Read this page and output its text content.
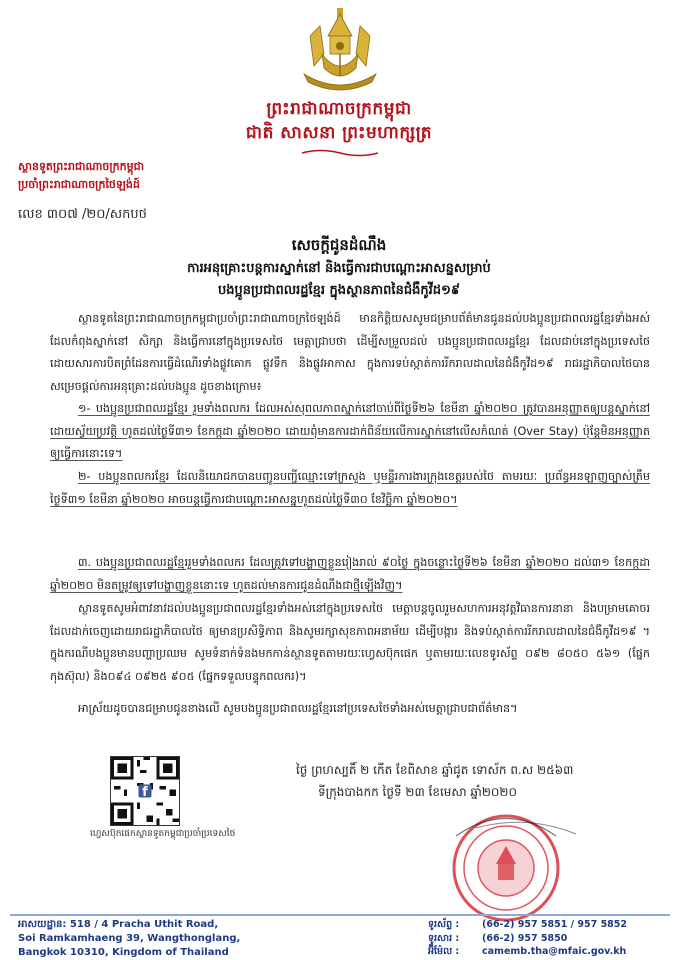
ព្រះរាជាណាចក្រកម្ពុជា
ជាតិ សាសនា ព្រះមហាក្សត្រ
ស្ថានទូតព្រះរាជាណាចក្រកម្ពុជា
ប្រចាំព្រះរាជាណាចក្រថៃឡង់ដ៍
លេខ ៣០៧ /២០/សកបថ
សេចក្តីជូនដំណឹង
ការអនុគ្រោះបន្តការស្នាក់នៅ និងធ្វើការជាបណ្តោះអាសន្នសម្រាប់
បងប្អូនប្រជាពលរដ្ឋខ្មែរ ក្នុងស្ថានភាពនៃជំងឺកូវីដ១៩
ស្ថានទូតនៃព្រះរាជាណាចក្រកម្ពុជាប្រចាំព្រះរាជាណាចក្រថៃឡង់ដ៍ មានកិត្តិយសសូមជម្រាបព័ត៌មានជូនដល់បងប្អូនប្រជាពលរដ្ឋខ្មែរទាំងអស់ ដែលកំពុងស្នាក់នៅ សិក្សា និងធ្វើការនៅក្នុងប្រទេសថៃ មេត្តាជ្រាបថា ដើម្បីសម្រួលដល់ បងប្អូនប្រជាពលរដ្ឋខ្មែរ ដែលជាប់នៅក្នុងប្រទេសថៃ ដោយសារការបិតព្រំដែនការធ្វើដំណើរទាំងផ្លូវគោក ផ្លូវទឹក និងផ្លូវអាកាស ក្នុងការទប់ស្កាត់ការរីករាលដាលនៃជំងឺកូវីដ១៩ រាជរដ្ឋាភិបាលថៃបានសម្រេចផ្តល់ការអនុគ្រោះដល់បងប្អូន ដូចខាងក្រោម៖
១- បងប្អូនប្រជាពលរដ្ឋខ្មែរ រួមទាំងពលករ ដែលអស់សុពលភាពស្នាក់នៅចាប់ពីថ្ងៃទី២៦ ខែមីនា ឆ្នាំ២០២០ ត្រូវបានអនុញ្ញាតឲ្យបន្តស្នាក់នៅដោយស្វ័យប្រវត្តិ ហូតដល់ថ្ងៃទី៣១ ខែកក្កដា ឆ្នាំ២០២០ ដោយពុំមានការដាក់ពិន័យលើការស្នាក់នៅលើសកំណត់ (Over Stay) ប៉ុន្តែមិនអនុញ្ញាតឲ្យធ្វើការនោះទេ។
២- បងប្អូនពលករខ្មែរ ដែលនិយោជកបានបញ្ជូនបញ្ជីឈ្មោះទៅក្រសួង ឬមន្ទីរការងារក្រុងខេត្តរបស់ថៃ តាមរយៈ ប្រព័ន្ធអនឡាញច្បាស់ត្រឹមថ្ងៃទី៣១ ខែមីនា ឆ្នាំ២០២០ អាចបន្តធ្វើការជាបណ្តោះអាសន្នហូតដល់ថ្ងៃទី៣០ ខែវិច្ឆិកា ឆ្នាំ២០២០។
៣. បងប្អូនប្រជាពលរដ្ឋខ្មែររួមទាំងពលករ ដែលត្រូវទៅបង្ហាញខ្លួនរៀងរាល់ ៩០ថ្ងៃ ក្នុងចន្លោះថ្ងៃទី២៦ ខែមីនា ឆ្នាំ២០២០ ដល់៣១ ខែកក្កដា ឆ្នាំ២០២០ មិនតម្រូវឲ្យទៅបង្ហាញខ្លួននោះទេ ហូតដល់មានការជូនដំណឹងជាថ្មីឡើងវិញ។
ស្ថានទូតសូមអំពាវនាវដល់បងប្អូនប្រជាពលរដ្ឋខ្មែរទាំងអស់នៅក្នុងប្រទេសថៃ មេត្តាបន្តចូលរួមសហការអនុវត្តវិធានការនានា និងបម្រាមគោចរដែលដាក់ចេញដោយរាជរដ្ឋាភិបាលថៃ ឲ្យមានប្រសិទ្ធិភាព និងសូមរក្សាសុខភាពអនាម័យ ដើម្បីបង្ការ និងទប់ស្កាត់ការរីករាលដាលនៃជំងឺកូវីដ១៩ ។ ក្នុងករណីបងប្អូនមានបញ្ហាប្រឈម សូមទំនាក់ទំនងមកកាន់ស្ថានទូតតាមរយៈហ្វេសប៊ុកផេក ឬតាមរយៈលេខទូរស័ព្ទ ០៩២ ៨០៥០ ៥៦១ (ផ្នែកកុងស៊ុល) និង០៩៤ ០៩២៥ ៩០៥ (ផ្នែកទទួលបន្ទុកពលករ)។
អាស្រ័យដូចបានជម្រាបជូនខាងលើ សូមបងប្អូនប្រជាពលរដ្ឋខ្មែរនៅប្រទេសថៃទាំងអស់មេត្តាជ្រាបជាព័ត៌មាន។
f
ហ្វេសប៊ុកផេកស្ថានទូតកម្ពុជាប្រចាំប្រទេសថៃ
ថ្ងៃ ព្រហស្បតិ៍ ២ កើត ខែពិសាខ ឆ្នាំជូត ទោស័ក ព.ស ២៥៦៣
ទីក្រុងបាងកក ថ្ងៃទី ២៣ ខែមេសា ឆ្នាំ២០២០
អាសយដ្ឋាន: 518 / 4 Pracha Uthit Road,
Soi Ramkamhaeng 39, Wangthonglang,
Bangkok 10310, Kingdom of Thailand
ទូរស័ព្ទ : (66-2) 957 5851 / 957 5852
ទូរសារ : (66-2) 957 5850
អ៊ីម៉ែល : camemb.tha@mfaic.gov.kh
